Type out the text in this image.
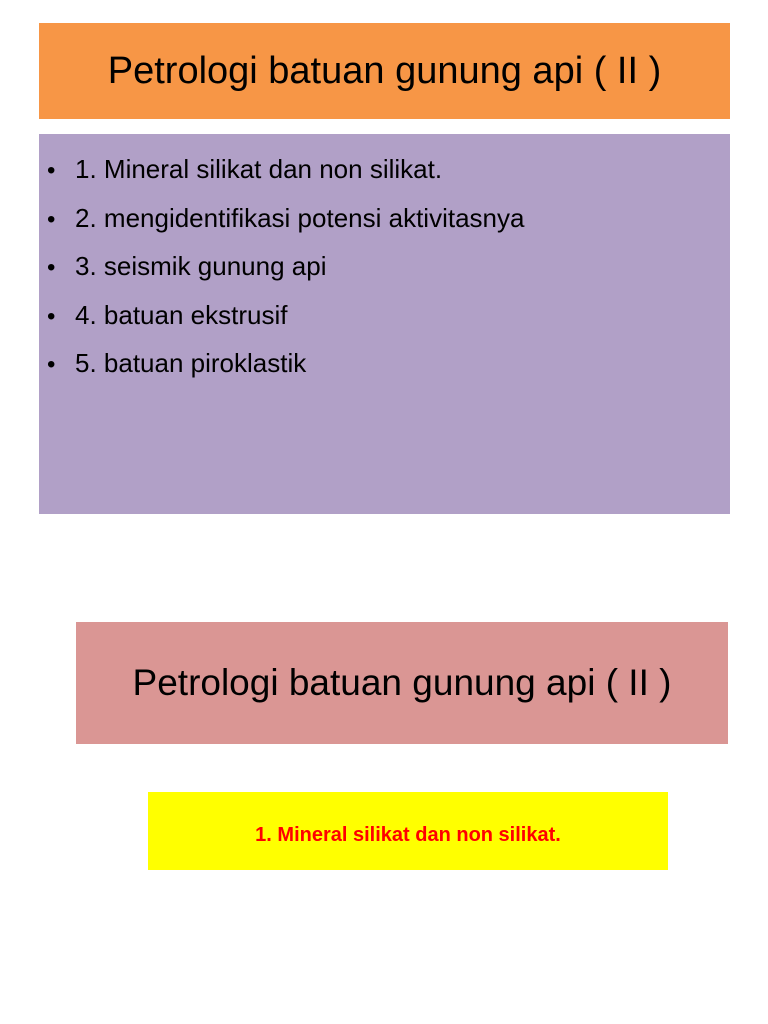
Petrologi batuan gunung api ( II )
• 1. Mineral silikat dan non silikat.
• 2. mengidentifikasi potensi aktivitasnya
• 3. seismik gunung api
• 4. batuan ekstrusif
• 5. batuan piroklastik
Petrologi batuan gunung api ( II )
1. Mineral silikat dan non silikat.
